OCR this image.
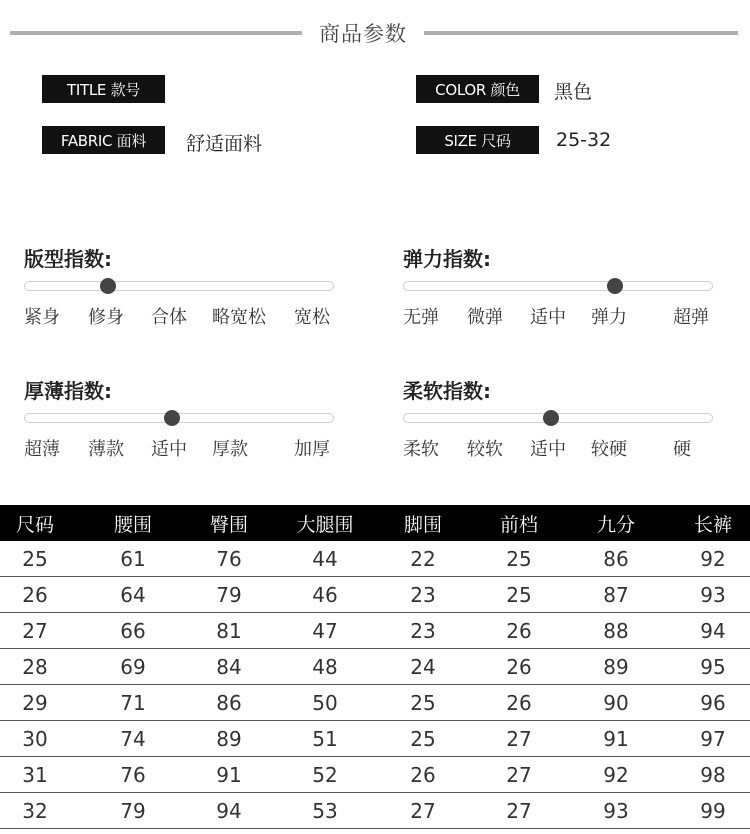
商品参数
TITLE 款号
FABRIC 面料	舒适面料
COLOR 颜色	黑色
SIZE 尺码	25-32
版型指数:
紧身 修身 合体 略宽松 宽松
弹力指数:
无弹 微弹 适中 弹力	超弹
厚薄指数:
超薄 薄款 适中 厚款	加厚
柔软指数:
柔软 较软 适中 较硬	硬
尺码	腰围	臀围	大腿围	脚围	前档	九分	长裤
25	61	76	44	22	25	86	92
26	64	79	46	23	25	87	93
27	66	81	47	23	26	88	94
28	69	84	48	24	26	89	95
29	71	86	50	25	26	90	96
30	74	89	51	25	27	91	97
31	76	91	52	26	27	92	98
32	79	94	53	27	27	93	99
